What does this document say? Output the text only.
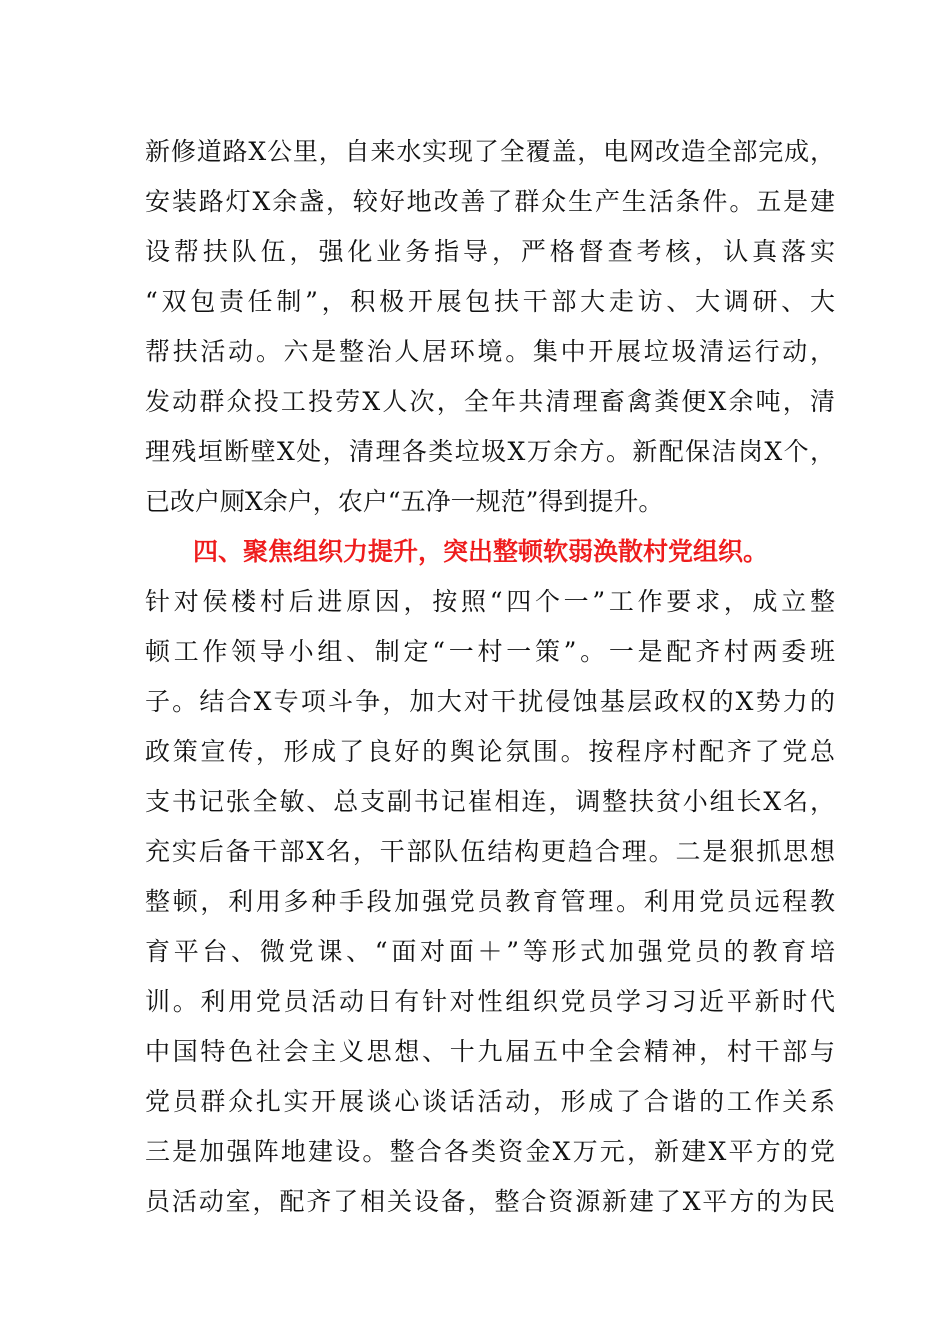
新修道路X公里，自来水实现了全覆盖，电网改造全部完成，
安装路灯X余盏，较好地改善了群众生产生活条件。五是建
设帮扶队伍，强化业务指导，严格督查考核，认真落实
“双包责任制”，积极开展包扶干部大走访、大调研、大
帮扶活动。六是整治人居环境。集中开展垃圾清运行动，
发动群众投工投劳X人次，全年共清理畜禽粪便X余吨，清
理残垣断壁X处，清理各类垃圾X万余方。新配保洁岗X个，
已改户厕X余户，农户“五净一规范”得到提升。
四、聚焦组织力提升，突出整顿软弱涣散村党组织。
针对侯楼村后进原因，按照“四个一”工作要求，成立整
顿工作领导小组、制定“一村一策”。一是配齐村两委班
子。结合X专项斗争，加大对干扰侵蚀基层政权的X势力的
政策宣传，形成了良好的舆论氛围。按程序村配齐了党总
支书记张全敏、总支副书记崔相连，调整扶贫小组长X名，
充实后备干部X名，干部队伍结构更趋合理。二是狠抓思想
整顿，利用多种手段加强党员教育管理。利用党员远程教
育平台、微党课、“面对面＋”等形式加强党员的教育培
训。利用党员活动日有针对性组织党员学习习近平新时代
中国特色社会主义思想、十九届五中全会精神，村干部与
党员群众扎实开展谈心谈话活动，形成了合谐的工作关系
三是加强阵地建设。整合各类资金X万元，新建X平方的党
员活动室，配齐了相关设备，整合资源新建了X平方的为民
